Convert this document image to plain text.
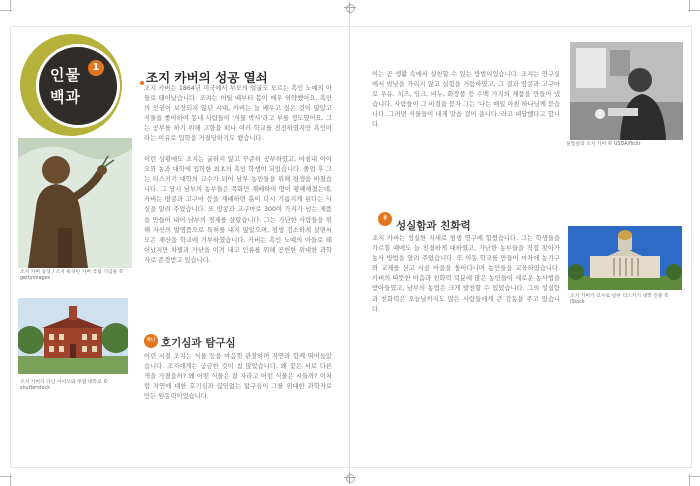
인물
백과
1
조지 카버의 성공 열쇠
조지 카버는 1864년 미국에서 부모의 얼굴도 모르는 흑인 노예의 아들로 태어났습니다. 조지는 어릴 때부터 몸이 매우 허약했어요. 흑인의 인권이 보장되지 않던 시대, 카버는 늘 배우고 싶은 것이 많았고 식물을 좋아하여 동네 사람들이 '식물 박사'라고 부를 정도였어요. 그는 공부를 하기 위해 고향을 떠나 여러 학교를 전전하였지만 흑인이라는 이유로 입학을 거절당하기도 했습니다.
이런 상황에도 조지는 굴하지 않고 꾸준히 공부하였고, 마침내 아이오와 농과 대학에 입학한 최초의 흑인 학생이 되었습니다. 졸업 후 그는 터스키기 대학의 교수가 되어 남부 농민들을 위해 평생을 바쳤습니다. 그 당시 남부의 농부들은 목화만 재배하여 땅이 황폐해졌는데, 카버는 땅콩과 고구마 등을 재배하면 흙이 다시 기름지게 된다는 사실을 알려 주었습니다. 또 땅콩과 고구마로 300여 가지가 넘는 제품을 만들어 내어 남부의 경제를 살렸습니다. 그는 가난한 사람들을 위해 자신의 발명품으로 특허를 내지 않았으며, 평생 검소하게 살면서 모은 재산을 학교에 기부하였습니다. 카버는 흑인 노예의 아들로 태어났지만 차별과 가난을 이겨 내고 인류를 위해 공헌한 위대한 과학자로 존경받고 있습니다.
조지 카버 동상 / 조지 워싱턴 카버 국립 기념물 © gettyimages
조지 카버가 다닌 아이오와 주립 대학교 © shutterstock
하나 호기심과 탐구심
어린 시절 조지는 식물 등을 마음껏 관찰하며 자연과 함께 뛰어놀았습니다. 조지에게는 궁금한 것이 참 많았습니다. 왜 꽃은 서로 다른 색을 가졌을까? 왜 어떤 식물은 잘 자라고 어떤 식물은 시들까? 이처럼 자연에 대한 호기심과 끊임없는 탐구심이 그를 위대한 과학자로 만든 원동력이었습니다.
이는 곧 생활 속에서 실천할 수 있는 방법이었습니다. 조지는 연구실에서 밤낮을 가리지 않고 실험을 거듭하였고, 그 결과 땅콩과 고구마로 우유, 치즈, 잉크, 비누, 화장품 등 수백 가지의 제품을 만들어 냈습니다. 사람들이 그 비결을 묻자 그는 '나는 매일 아침 하나님께 묻습니다. 그러면 식물들이 내게 말을 걸어 옵니다.'라고 대답했다고 합니다.
실험실의 조지 카버 © USDA/flickr
둘
성실함과 친화력
조지 카버는 성실한 자세로 평생 연구에 힘썼습니다. 그는 학생들을 가르칠 때에도 늘 친절하게 대하였고, 가난한 농부들을 직접 찾아가 농사 방법을 알려 주었습니다. 또 이동 학교를 만들어 마차에 농기구와 교재를 싣고 시골 마을을 돌아다니며 농민들을 교육하였습니다. 카버의 따뜻한 마음과 친화력 덕분에 많은 농민들이 새로운 농사법을 받아들였고, 남부의 농업은 크게 발전할 수 있었습니다. 그의 성실함과 친화력은 오늘날까지도 많은 사람들에게 큰 감동을 주고 있습니다.
조지 카버가 교수로 일한 터스키기 대학 건물 © iStock
